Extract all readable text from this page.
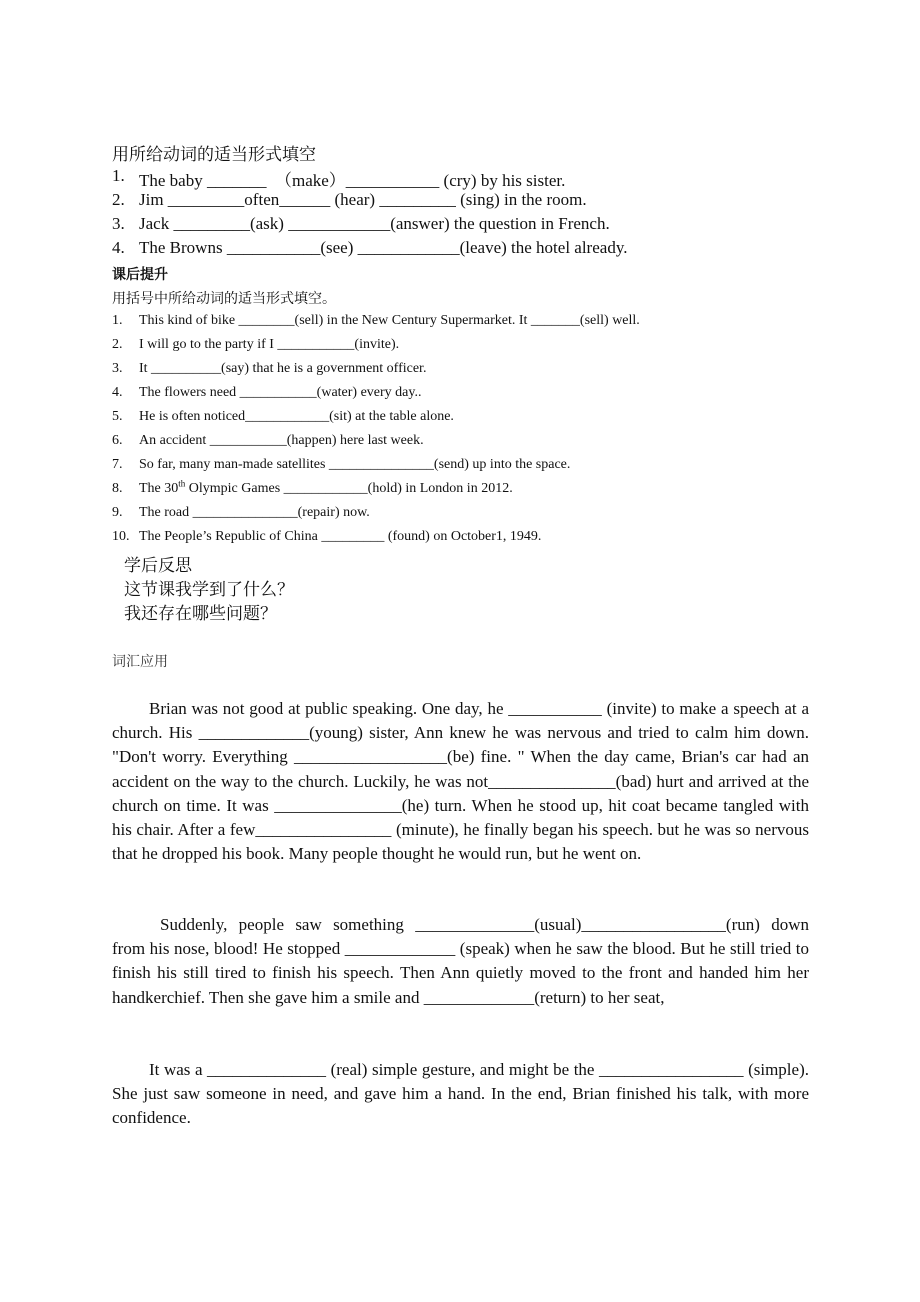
用所给动词的适当形式填空
1. The baby _______  （make）___________ (cry) by his sister.
2. Jim _________often______ (hear) _________ (sing) in the room.
3. Jack _________(ask) ____________(answer) the question in French.
4. The Browns ___________(see) ____________(leave) the hotel already.
课后提升
用括号中所给动词的适当形式填空。
1.	This kind of bike ________(sell) in the New Century Supermarket. It _______(sell) well.
2.	I will go to the party if I ___________(invite).
3.	It __________(say) that he is a government officer.
4.	The flowers need ___________(water) every day..
5.	He is often noticed____________(sit) at the table alone.
6.	An accident ___________(happen) here last week.
7.	So far, many man-made satellites _______________(send) up into the space.
8.	The 30th Olympic Games ____________(hold) in London in 2012.
9.	The road _______________(repair) now.
10. The People’s Republic of China _________ (found) on October1, 1949.
学后反思
这节课我学到了什么？
我还存在哪些问题？
词汇应用

Brian was not good at public speaking. One day, he ___________ (invite) to make a speech at a church. His _____________(young) sister, Ann knew he was nervous and tried to calm him down. "Don't worry. Everything __________________(be) fine. " When the day came, Brian's car had an accident on the way to the church. Luckily, he was not_______________(bad) hurt and arrived at the church on time. It was _______________(he) turn. When he stood up, hit coat became tangled with his chair. After a few________________ (minute), he finally began his speech. but he was so nervous that he dropped his book. Many people thought he would run, but he went on.

Suddenly, people saw something ______________(usual)_________________(run) down from his nose, blood! He stopped _____________ (speak) when he saw the blood. But he still tried to finish his still tired to finish his speech. Then Ann quietly moved to the front and handed him her handkerchief. Then she gave him a smile and _____________(return) to her seat,

It was a ______________ (real) simple gesture, and might be the _________________ (simple). She just saw someone in need, and gave him a hand. In the end, Brian finished his talk, with more confidence.
